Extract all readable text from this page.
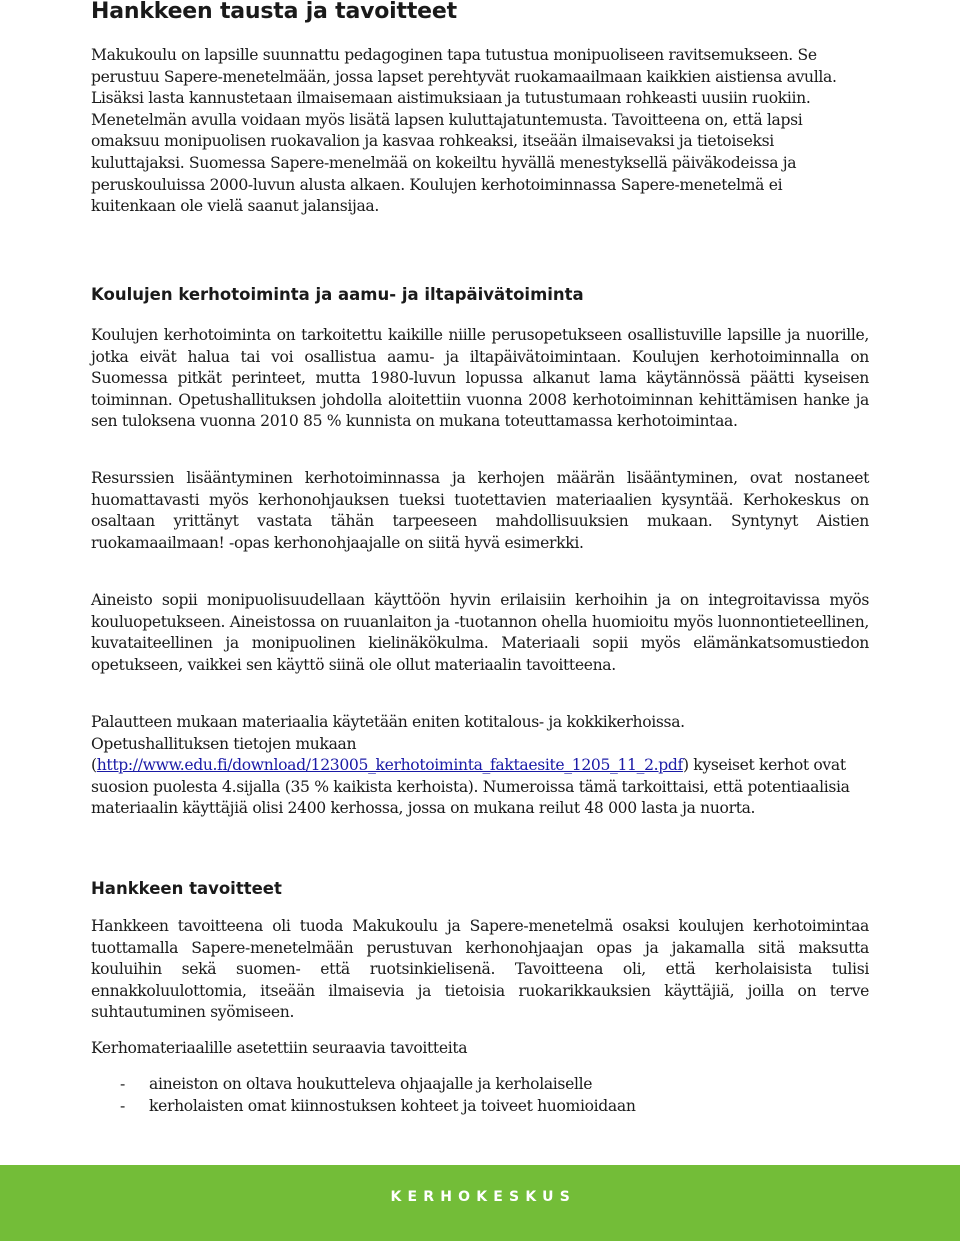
Hankkeen tausta ja tavoitteet

Makukoulu on lapsille suunnattu pedagoginen tapa tutustua monipuoliseen ravitsemukseen. Se perustuu Sapere-menetelmään, jossa lapset perehtyvät ruokamaailmaan kaikkien aistiensa avulla. Lisäksi lasta kannustetaan ilmaisemaan aistimuksiaan ja tutustumaan rohkeasti uusiin ruokiin. Menetelmän avulla voidaan myös lisätä lapsen kuluttajatuntemusta. Tavoitteena on, että lapsi omaksuu monipuolisen ruokavalion ja kasvaa rohkeaksi, itseään ilmaisevaksi ja tietoiseksi kuluttajaksi. Suomessa Sapere-menelmää on kokeiltu hyvällä menestyksellä päiväkodeissa ja peruskouluissa 2000-luvun alusta alkaen. Koulujen kerhotoiminnassa Sapere-menetelmä ei kuitenkaan ole vielä saanut jalansijaa.

Koulujen kerhotoiminta ja aamu- ja iltapäivätoiminta

Koulujen kerhotoiminta on tarkoitettu kaikille niille perusopetukseen osallistuville lapsille ja nuorille, jotka eivät halua tai voi osallistua aamu- ja iltapäivätoimintaan. Koulujen kerhotoiminnalla on Suomessa pitkät perinteet, mutta 1980-luvun lopussa alkanut lama käytännössä päätti kyseisen toiminnan. Opetushallituksen johdolla aloitettiin vuonna 2008 kerhotoiminnan kehittämisen hanke ja sen tuloksena vuonna 2010 85 % kunnista on mukana toteuttamassa kerhotoimintaa.

Resurssien lisääntyminen kerhotoiminnassa ja kerhojen määrän lisääntyminen, ovat nostaneet huomattavasti myös kerhonohjauksen tueksi tuotettavien materiaalien kysyntää. Kerhokeskus on osaltaan yrittänyt vastata tähän tarpeeseen mahdollisuuksien mukaan. Syntynyt Aistien ruokamaailmaan! -opas kerhonohjaajalle on siitä hyvä esimerkki.

Aineisto sopii monipuolisuudellaan käyttöön hyvin erilaisiin kerhoihin ja on integroitavissa myös kouluopetukseen. Aineistossa on ruuanlaiton ja -tuotannon ohella huomioitu myös luonnontieteellinen, kuvataiteellinen ja monipuolinen kielinäkökulma. Materiaali sopii myös elämänkatsomustiedon opetukseen, vaikkei sen käyttö siinä ole ollut materiaalin tavoitteena.

Palautteen mukaan materiaalia käytetään eniten kotitalous- ja kokkikerhoissa.
Opetushallituksen tietojen mukaan
(http://www.edu.fi/download/123005_kerhotoiminta_faktaesite_1205_11_2.pdf) kyseiset kerhot ovat suosion puolesta 4.sijalla (35 % kaikista kerhoista). Numeroissa tämä tarkoittaisi, että potentiaalisia materiaalin käyttäjiä olisi 2400 kerhossa, jossa on mukana reilut 48 000 lasta ja nuorta.

Hankkeen tavoitteet

Hankkeen tavoitteena oli tuoda Makukoulu ja Sapere-menetelmä osaksi koulujen kerhotoimintaa tuottamalla Sapere-menetelmään perustuvan kerhonohjaajan opas ja jakamalla sitä maksutta kouluihin sekä suomen- että ruotsinkielisenä. Tavoitteena oli, että kerholaisista tulisi ennakkoluulottomia, itseään ilmaisevia ja tietoisia ruokarikkauksien käyttäjiä, joilla on terve suhtautuminen syömiseen.

Kerhomateriaalille asetettiin seuraavia tavoitteita

- aineiston on oltava houkutteleva ohjaajalle ja kerholaiselle
- kerholaisten omat kiinnostuksen kohteet ja toiveet huomioidaan
KERHOKESKUS
